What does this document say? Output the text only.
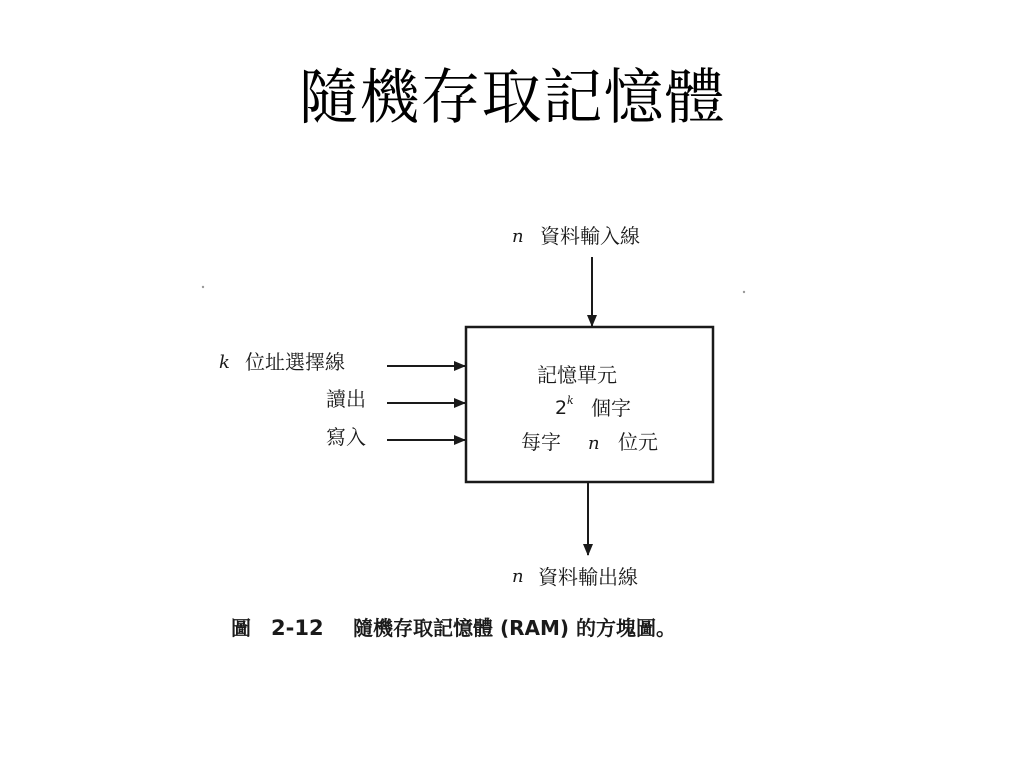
隨機存取記憶體
n 資料輸入線
記憶單元
2 k 個字
每字 n 位元
k 位址選擇線
讀出
寫入
n 資料輸出線
圖 2-12 隨機存取記憶體 (RAM) 的方塊圖。
